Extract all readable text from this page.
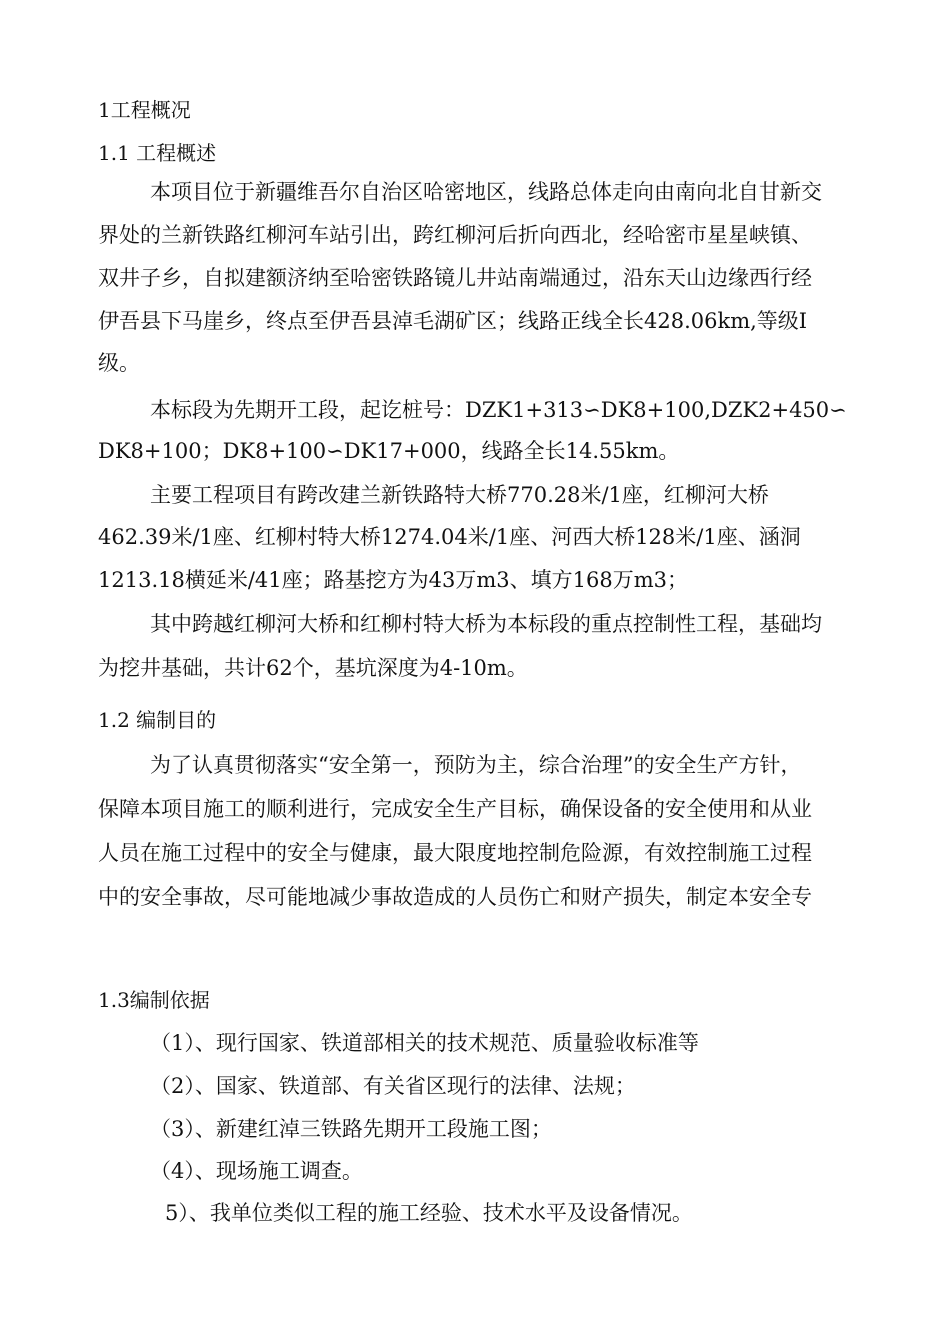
1工程概况
1.1 工程概述
本项目位于新疆维吾尔自治区哈密地区，线路总体走向由南向北自甘新交
界处的兰新铁路红柳河车站引出，跨红柳河后折向西北，经哈密市星星峡镇、
双井子乡，自拟建额济纳至哈密铁路镜儿井站南端通过，沿东天山边缘西行经
伊吾县下马崖乡，终点至伊吾县淖毛湖矿区；线路正线全长428.06km,等级Ⅰ
级。
本标段为先期开工段，起讫桩号：DZK1+313∽DK8+100,DZK2+450∽
DK8+100；DK8+100∽DK17+000，线路全长14.55km。
主要工程项目有跨改建兰新铁路特大桥770.28米/1座，红柳河大桥
462.39米/1座、红柳村特大桥1274.04米/1座、河西大桥128米/1座、涵洞
1213.18横延米/41座；路基挖方为43万m3、填方168万m3；
其中跨越红柳河大桥和红柳村特大桥为本标段的重点控制性工程，基础均
为挖井基础，共计62个，基坑深度为4-10m。
1.2 编制目的
为了认真贯彻落实“安全第一，预防为主，综合治理”的安全生产方针，
保障本项目施工的顺利进行，完成安全生产目标，确保设备的安全使用和从业
人员在施工过程中的安全与健康，最大限度地控制危险源，有效控制施工过程
中的安全事故，尽可能地减少事故造成的人员伤亡和财产损失，制定本安全专
1.3编制依据
（1）、现行国家、铁道部相关的技术规范、质量验收标准等
（2）、国家、铁道部、有关省区现行的法律、法规；
（3）、新建红淖三铁路先期开工段施工图；
（4）、现场施工调查。
5）、我单位类似工程的施工经验、技术水平及设备情况。
